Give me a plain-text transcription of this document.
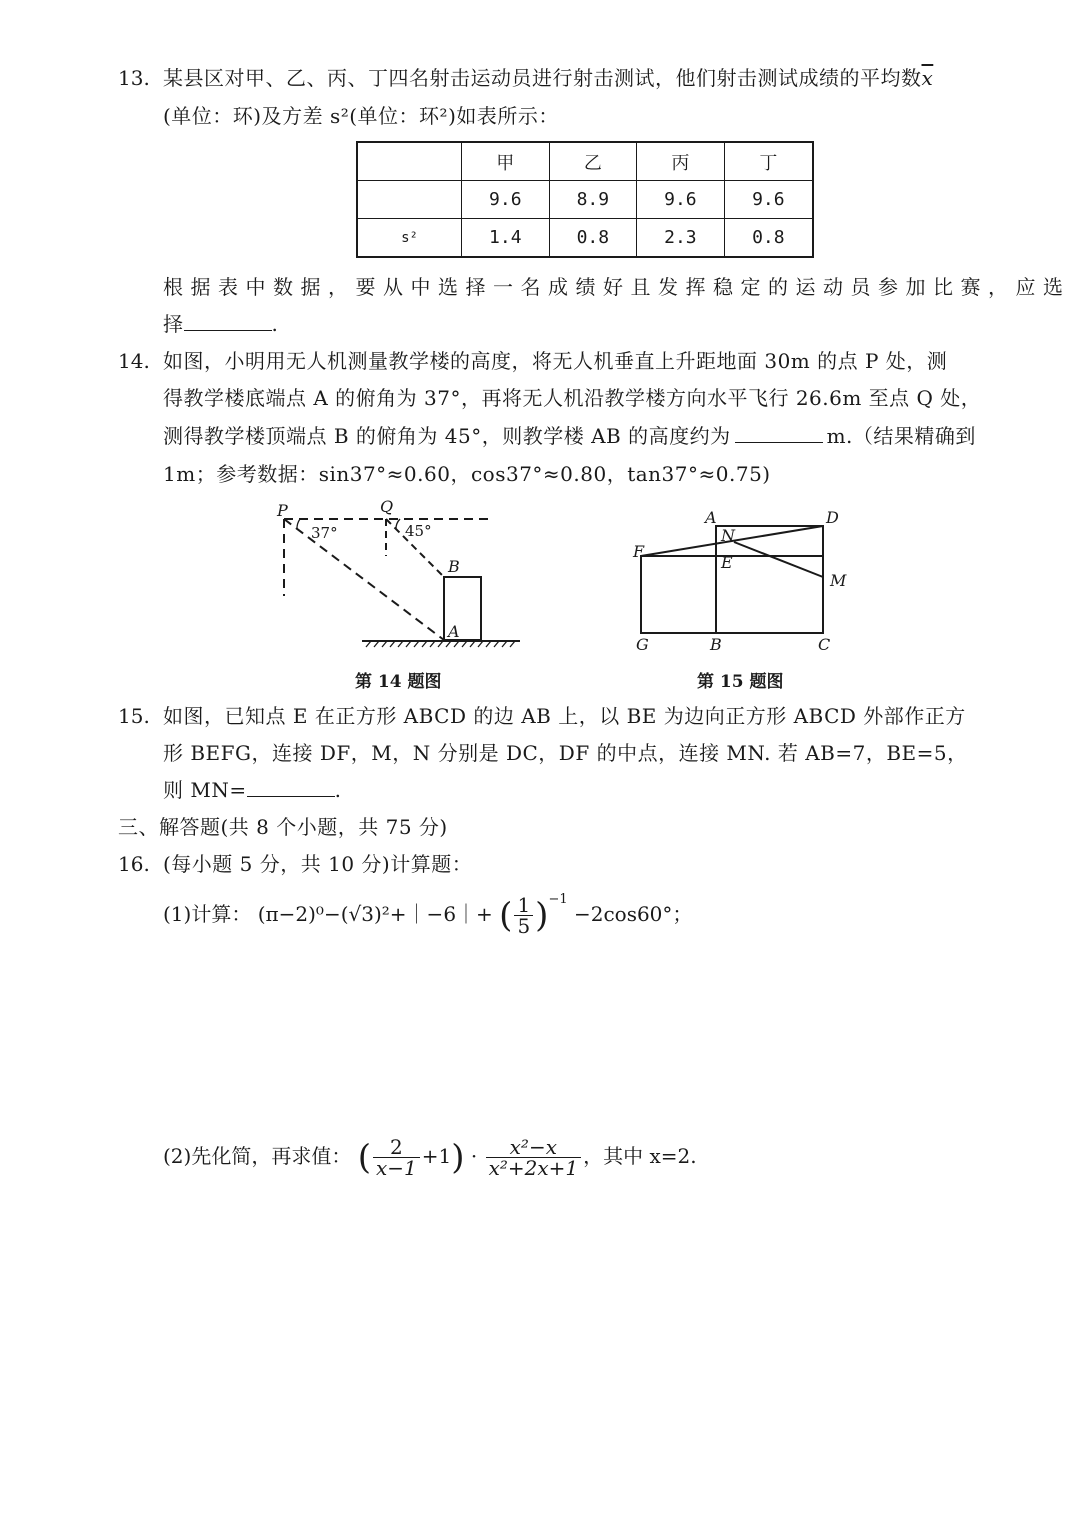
13. 某县区对甲、乙、丙、丁四名射击运动员进行射击测试，他们射击测试成绩的平均数$\overline{x}$
(单位：环)及方差 s²(单位：环²)如表所示：
	甲	乙	丙	丁
	9.6	8.9	9.6	9.6
s²	1.4	0.8	2.3	0.8
根据表中数据，要从中选择一名成绩好且发挥稳定的运动员参加比赛，应选
择	.
14. 如图，小明用无人机测量教学楼的高度，将无人机垂直上升距地面 30m 的点 P 处，测
得教学楼底端点 A 的俯角为 37°，再将无人机沿教学楼方向水平飞行 26.6m 至点 Q 处，
测得教学楼顶端点 B 的俯角为 45°，则教学楼 AB 的高度约为	m.（结果精确到
1m；参考数据：sin37°≈0.60，cos37°≈0.80，tan37°≈0.75)
P	Q
B
A
37°	45°
A	D
N
F
E
M
G	B	C
第 14 题图	第 15 题图
15. 如图，已知点 E 在正方形 ABCD 的边 AB 上，以 BE 为边向正方形 ABCD 外部作正方
形 BEFG，连接 DF，M，N 分别是 DC，DF 的中点，连接 MN. 若 AB=7，BE=5，
则 MN=	.
三、解答题(共 8 个小题，共 75 分)
16. (每小题 5 分，共 10 分)计算题：
(1)计算： (π−2)⁰−(√3)²+｜−6｜+ ( $\frac{1}{5} )^{-1} -2\cos 60^\circ$；
(2)先化简，再求值： ( $\frac{2}{x-1} +1) \cdot \frac{\text{x²−x}}{\text{x²+2x+1}}$ ，其中 x=2.
